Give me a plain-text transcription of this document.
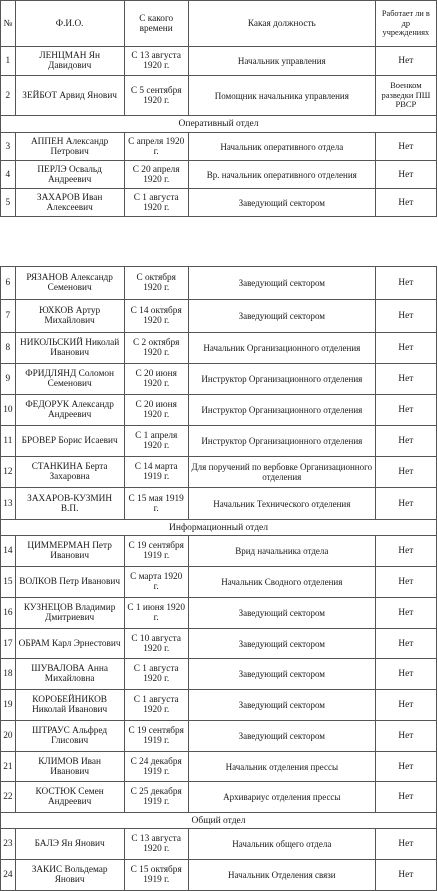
№	Ф.И.О.	С какого времени	Какая должность	Работает ли в др учреждениях
1	ЛЕНЦМАН Ян Давидович	С 13 августа 1920 г.	Начальник управления	Нет
2	ЗЕЙБОТ Арвид Янович	С 5 сентября 1920 г.	Помощник начальника управления	Военком разведки ПШ РВСР
Оперативный отдел				
3	АППЕН Александр Петрович	С апреля 1920 г.	Начальник оперативного отдела	Нет
4	ПЕРЛЭ Освальд Андреевич	С 20 апреля 1920 г.	Вр. начальник оперативного отделения	Нет
5	ЗАХАРОВ Иван Алексеевич	С 1 августа 1920 г.	Заведующий сектором	Нет
6	РЯЗАНОВ Александр Семенович	С октября 1920 г.	Заведующий сектором	Нет
7	ЮХКОВ Артур Михайлович	С 14 октября 1920 г.	Заведующий сектором	Нет
8	НИКОЛЬСКИЙ Николай Иванович	С 2 октября 1920 г.	Начальник Организационного отделения	Нет
9	ФРИДЛЯНД Соломон Семенович	С 20 июня 1920 г.	Инструктор Организационного отделения	Нет
10	ФЕДОРУК Александр Андреевич	С 20 июня 1920 г.	Инструктор Организационного отделения	Нет
11	БРОВЕР Борис Исаевич	С 1 апреля 1920 г.	Инструктор Организационного отделения	Нет
12	СТАНКИНА Берта Захаровна	С 14 марта 1919 г.	Для поручений по вербовке Организационного отделения	Нет
13	ЗАХАРОВ-КУЗМИН В.П.	С 15 мая 1919 г.	Начальник Технического отделения	Нет
Информационный отдел				
14	ЦИММЕРМАН Петр Иванович	С 19 сентября 1919 г.	Врид начальника отдела	Нет
15	ВОЛКОВ Петр Иванович	С марта 1920 г.	Начальник Сводного отделения	Нет
16	КУЗНЕЦОВ Владимир Дмитриевич	С 1 июня 1920 г.	Заведующий сектором	Нет
17	ОБРАМ Карл Эрнестович	С 10 августа 1920 г.	Заведующий сектором	Нет
18	ШУВАЛОВА Анна Михайловна	С 1 августа 1920 г.	Заведующий сектором	Нет
19	КОРОБЕЙНИКОВ Николай Иванович	С 1 августа 1920 г.	Заведующий сектором	Нет
20	ШТРАУС Альфред Глисович	С 19 сентября 1919 г.	Заведующий сектором	Нет
21	КЛИМОВ Иван Иванович	С 24 декабря 1919 г.	Начальник отделения прессы	Нет
22	КОСТЮК Семен Андреевич	С 25 декабря 1919 г.	Архивариус отделения прессы	Нет
Общий отдел				
23	БАЛЭ Ян Янович	С 13 августа 1920 г.	Начальник общего отдела	Нет
24	ЗАКИС Вольдемар Янович	С 15 октября 1919 г.	Начальник Отделения связи	Нет
